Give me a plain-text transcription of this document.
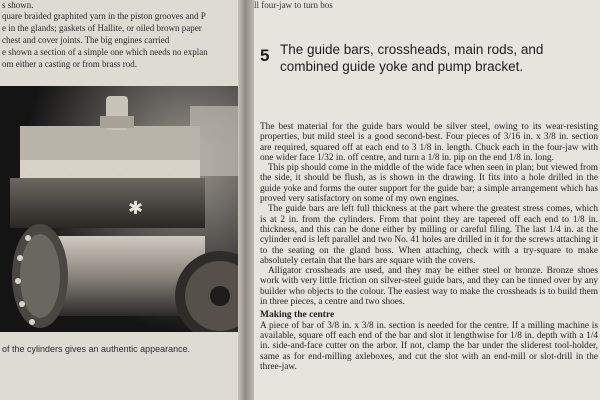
s shown.
quare braided graphited yarn in the piston grooves and P
e in the glands; gaskets of Hallite, or oiled brown paper
chest and cover joints. The big engines carried
e shown a section of a simple one which needs no explan
om either a casting or from brass rod.
✱
of the cylinders gives an authentic appearance.
ll four-jaw to turn bos
5 The guide bars, crossheads, main rods, and combined guide yoke and pump bracket.

The best material for the guide bars would be silver steel, owing to its wear-resisting properties, but mild steel is a good second-best. Four pieces of 3/16 in. x 3/8 in. section are required, squared off at each end to 3 1/8 in. length. Chuck each in the four-jaw with one wider face 1/32 in. off centre, and turn a 1/8 in. pip on the end 1/8 in. long.

This pip should come in the middle of the wide face when seen in plan; but viewed from the side, it should be flush, as is shown in the drawing. It fits into a hole drilled in the guide yoke and forms the outer support for the guide bar; a simple arrangement which has proved very satisfactory on some of my own engines.

The guide bars are left full thickness at the part where the greatest stress comes, which is at 2 in. from the cylinders. From that point they are tapered off each end to 1/8 in. thickness, and this can be done either by milling or careful filing. The last 1/4 in. at the cylinder end is left parallel and two No. 41 holes are drilled in it for the screws attaching it to the seating on the gland boss. When attaching, check with a try-square to make absolutely certain that the bars are square with the covers.

Alligator crossheads are used, and they may be either steel or bronze. Bronze shoes work with very little friction on silver-steel guide bars, and they can be tinned over by any builder who objects to the colour. The easiest way to make the crossheads is to build them in three pieces, a centre and two shoes.

Making the centre

A piece of bar of 3/8 in. x 3/8 in. section is needed for the centre. If a milling machine is available, square off each end of the bar and slot it lengthwise for 1/8 in. depth with a 1/4 in. side-and-face cutter on the arbor. If not, clamp the bar under the sliderest tool-holder, same as for end-milling axleboxes, and cut the slot with an end-mill or slot-drill in the three-jaw.
